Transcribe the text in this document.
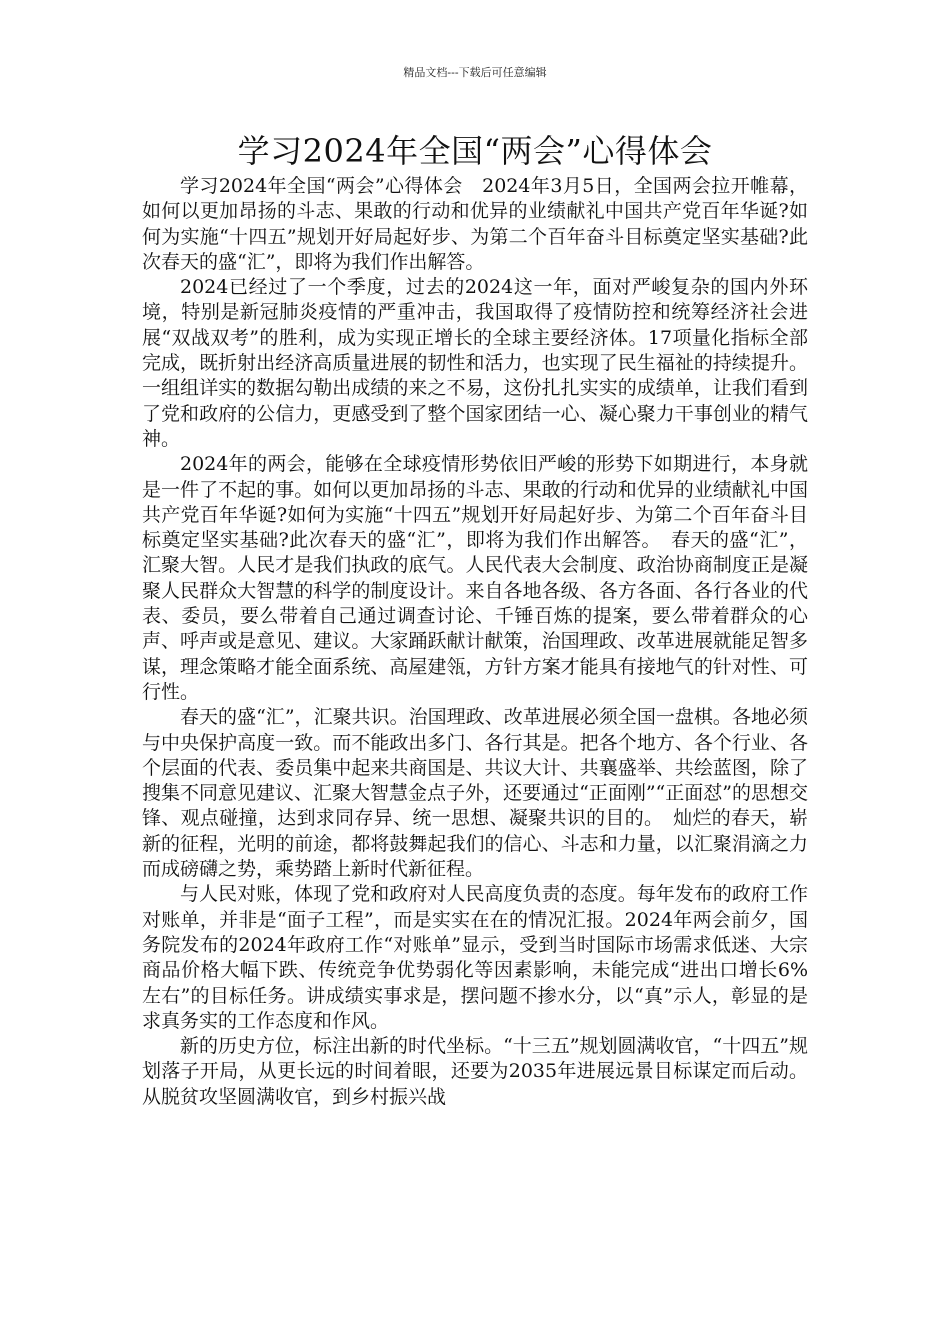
精品文档---下载后可任意编辑
学习2024年全国“两会”心得体会

学习2024年全国“两会”心得体会　2024年3月5日，全国两会拉开帷幕，如何以更加昂扬的斗志、果敢的行动和优异的业绩献礼中国共产党百年华诞?如何为实施“十四五”规划开好局起好步、为第二个百年奋斗目标奠定坚实基础?此次春天的盛“汇”，即将为我们作出解答。

2024已经过了一个季度，过去的2024这一年，面对严峻复杂的国内外环境，特别是新冠肺炎疫情的严重冲击，我国取得了疫情防控和统筹经济社会进展“双战双考”的胜利，成为实现正增长的全球主要经济体。17项量化指标全部完成，既折射出经济高质量进展的韧性和活力，也实现了民生福祉的持续提升。一组组详实的数据勾勒出成绩的来之不易，这份扎扎实实的成绩单，让我们看到了党和政府的公信力，更感受到了整个国家团结一心、凝心聚力干事创业的精气神。

2024年的两会，能够在全球疫情形势依旧严峻的形势下如期进行，本身就是一件了不起的事。如何以更加昂扬的斗志、果敢的行动和优异的业绩献礼中国共产党百年华诞?如何为实施“十四五”规划开好局起好步、为第二个百年奋斗目标奠定坚实基础?此次春天的盛“汇”，即将为我们作出解答。　春天的盛“汇”，汇聚大智。人民才是我们执政的底气。人民代表大会制度、政治协商制度正是凝聚人民群众大智慧的科学的制度设计。来自各地各级、各方各面、各行各业的代表、委员，要么带着自己通过调查讨论、千锤百炼的提案，要么带着群众的心声、呼声或是意见、建议。大家踊跃献计献策，治国理政、改革进展就能足智多谋，理念策略才能全面系统、高屋建瓴，方针方案才能具有接地气的针对性、可行性。

春天的盛“汇”，汇聚共识。治国理政、改革进展必须全国一盘棋。各地必须与中央保护高度一致。而不能政出多门、各行其是。把各个地方、各个行业、各个层面的代表、委员集中起来共商国是、共议大计、共襄盛举、共绘蓝图，除了搜集不同意见建议、汇聚大智慧金点子外，还要通过“正面刚”“正面怼”的思想交锋、观点碰撞，达到求同存异、统一思想、凝聚共识的目的。　灿烂的春天，崭新的征程，光明的前途，都将鼓舞起我们的信心、斗志和力量，以汇聚涓滴之力而成磅礴之势，乘势踏上新时代新征程。

与人民对账，体现了党和政府对人民高度负责的态度。每年发布的政府工作对账单，并非是“面子工程”，而是实实在在的情况汇报。2024年两会前夕，国务院发布的2024年政府工作“对账单”显示，受到当时国际市场需求低迷、大宗商品价格大幅下跌、传统竞争优势弱化等因素影响，未能完成“进出口增长6%左右”的目标任务。讲成绩实事求是，摆问题不掺水分，以“真”示人，彰显的是求真务实的工作态度和作风。

新的历史方位，标注出新的时代坐标。“十三五”规划圆满收官，“十四五”规划落子开局，从更长远的时间着眼，还要为2035年进展远景目标谋定而后动。从脱贫攻坚圆满收官，到乡村振兴战
